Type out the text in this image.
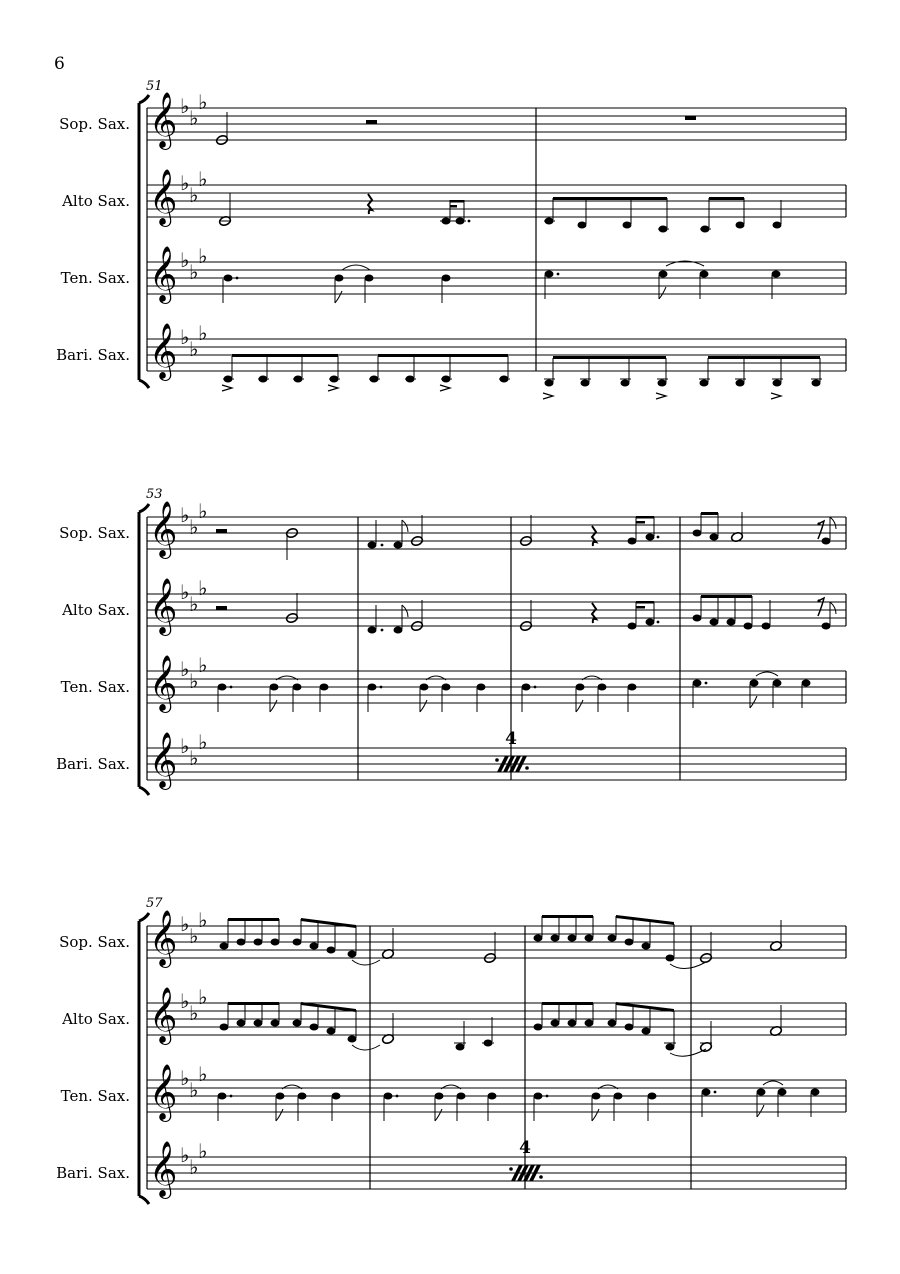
6
51
Sop. Sax.
Alto Sax.
Ten. Sax.
Bari. Sax.
𝄞
𝄞
𝄞
𝄞
♭ ♭
♭
♭ ♭
♭
♭ ♭
♭
♭ ♭
♭
53
Sop. Sax.
Alto Sax.
Ten. Sax.
Bari. Sax.
𝄞
𝄞
𝄞
𝄞
♭ ♭
♭
♭ ♭
♭
♭ ♭
♭
♭ ♭
♭	4
57
Sop. Sax.
Alto Sax.
Ten. Sax.
Bari. Sax.
𝄞
𝄞
𝄞
𝄞
♭ ♭
♭
♭ ♭
♭
♭ ♭
♭
♭ ♭
♭	4
